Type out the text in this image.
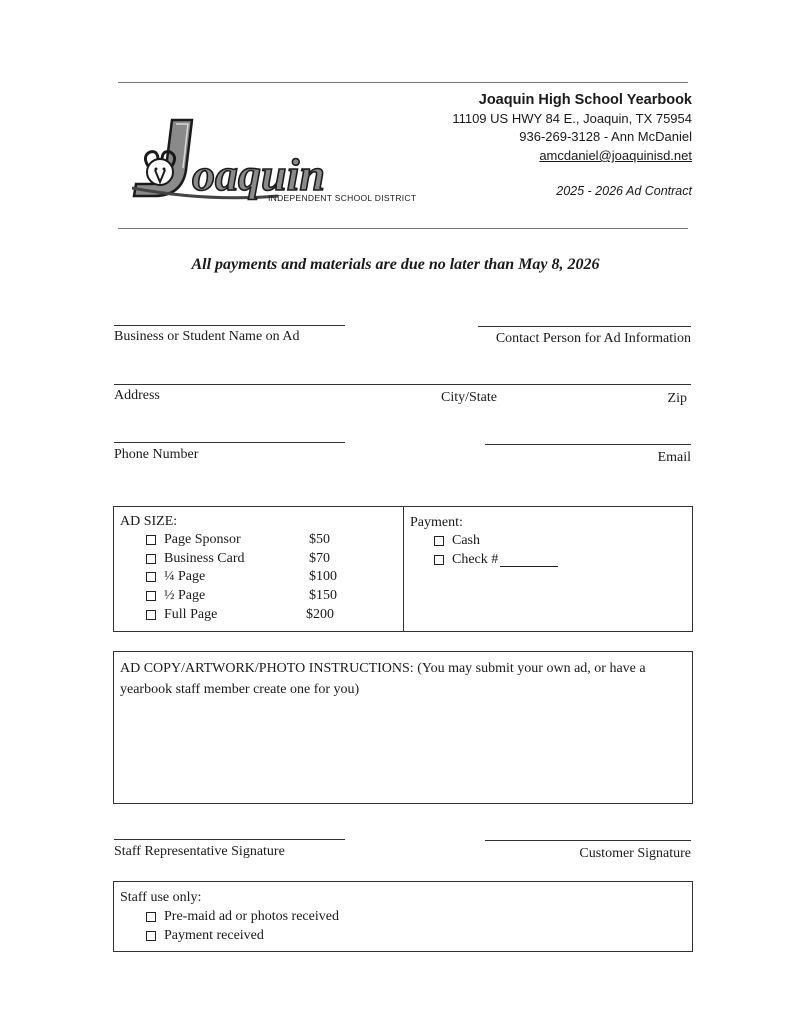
oaquin
INDEPENDENT SCHOOL DISTRICT
Joaquin High School Yearbook
11109 US HWY 84 E., Joaquin, TX 75954
936-269-3128 - Ann McDaniel
amcdaniel@joaquinisd.net
2025 - 2026 Ad Contract
All payments and materials are due no later than May 8, 2026
Business or Student Name on Ad	Contact Person for Ad Information
Address	City/State	Zip
Phone Number	Email
AD SIZE:
Page Sponsor	$50
Business Card	$70
¼ Page	$100
½ Page	$150
Full Page	$200
Payment:
Cash
Check #
AD COPY/ARTWORK/PHOTO INSTRUCTIONS: (You may submit your own ad, or have a yearbook staff member create one for you)
Staff Representative Signature	Customer Signature
Staff use only:
Pre-maid ad or photos received
Payment received
